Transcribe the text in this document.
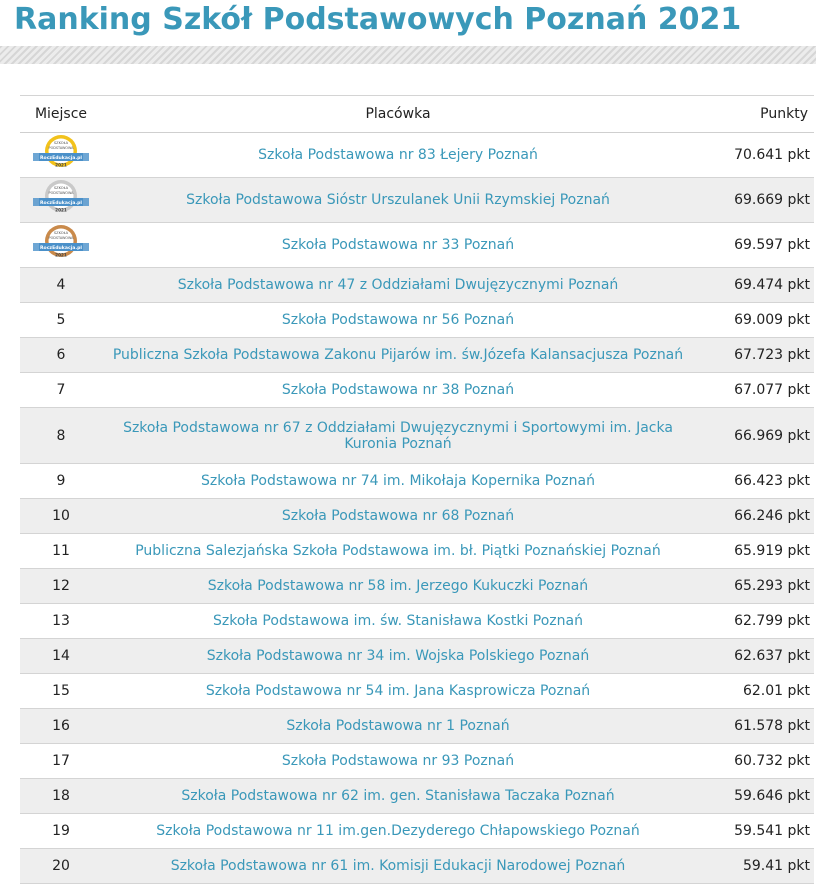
Ranking Szkół Podstawowych Poznań 2021
Miejsce	Placówka	Punkty

SZKOŁA
PODSTAWOWA
RoczEdukacja.pl
2021	Szkoła Podstawowa nr 83 Łejery Poznań	70.641 pkt

SZKOŁA
PODSTAWOWA
RoczEdukacja.pl
2021	Szkoła Podstawowa Sióstr Urszulanek Unii Rzymskiej Poznań	69.669 pkt

SZKOŁA
PODSTAWOWA
RoczEdukacja.pl
2021	Szkoła Podstawowa nr 33 Poznań	69.597 pkt
4	Szkoła Podstawowa nr 47 z Oddziałami Dwujęzycznymi Poznań	69.474 pkt
5	Szkoła Podstawowa nr 56 Poznań	69.009 pkt
6	Publiczna Szkoła Podstawowa Zakonu Pijarów im. św.Józefa Kalansacjusza Poznań	67.723 pkt
7	Szkoła Podstawowa nr 38 Poznań	67.077 pkt
8	Szkoła Podstawowa nr 67 z Oddziałami Dwujęzycznymi i Sportowymi im. Jacka Kuronia Poznań	66.969 pkt
9	Szkoła Podstawowa nr 74 im. Mikołaja Kopernika Poznań	66.423 pkt
10	Szkoła Podstawowa nr 68 Poznań	66.246 pkt
11	Publiczna Salezjańska Szkoła Podstawowa im. bł. Piątki Poznańskiej Poznań	65.919 pkt
12	Szkoła Podstawowa nr 58 im. Jerzego Kukuczki Poznań	65.293 pkt
13	Szkoła Podstawowa im. św. Stanisława Kostki Poznań	62.799 pkt
14	Szkoła Podstawowa nr 34 im. Wojska Polskiego Poznań	62.637 pkt
15	Szkoła Podstawowa nr 54 im. Jana Kasprowicza Poznań	62.01 pkt
16	Szkoła Podstawowa nr 1 Poznań	61.578 pkt
17	Szkoła Podstawowa nr 93 Poznań	60.732 pkt
18	Szkoła Podstawowa nr 62 im. gen. Stanisława Taczaka Poznań	59.646 pkt
19	Szkoła Podstawowa nr 11 im.gen.Dezyderego Chłapowskiego Poznań	59.541 pkt
20	Szkoła Podstawowa nr 61 im. Komisji Edukacji Narodowej Poznań	59.41 pkt
